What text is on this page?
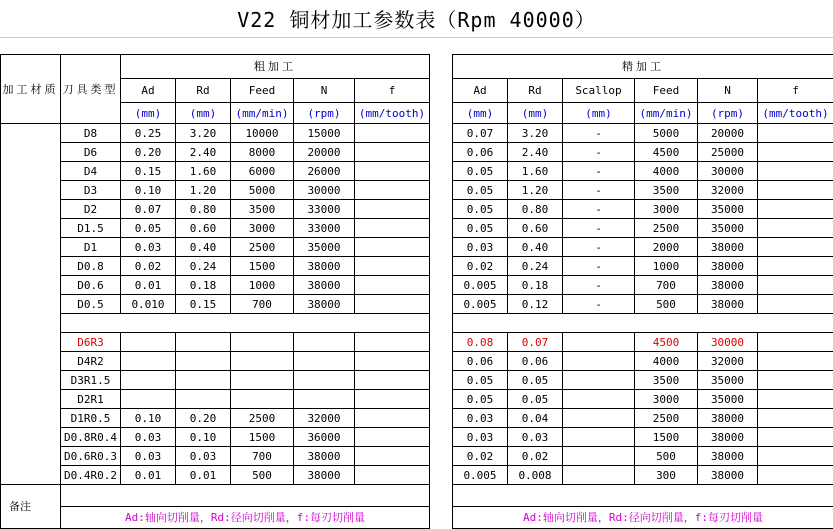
V22 铜材加工参数表（Rpm 40000）
加工材质	刀具类型	粗加工				
		Ad	Rd	Feed	N	f
		(mm)	(mm)	(mm/min)	(rpm)	(mm/tooth)
	D8	0.25	3.20	10000	15000	
	D6	0.20	2.40	8000	20000	
	D4	0.15	1.60	6000	26000	
	D3	0.10	1.20	5000	30000	
	D2	0.07	0.80	3500	33000	
	D1.5	0.05	0.60	3000	33000	
	D1	0.03	0.40	2500	35000	
	D0.8	0.02	0.24	1500	38000	
	D0.6	0.01	0.18	1000	38000	
	D0.5	0.010	0.15	700	38000	

	D6R3					
	D4R2					
	D3R1.5					
	D2R1					
	D1R0.5	0.10	0.20	2500	32000	
	D0.8R0.4	0.03	0.10	1500	36000	
	D0.6R0.3	0.03	0.03	700	38000	
	D0.4R0.2	0.01	0.01	500	38000	
备注						
	Ad:轴向切削量，Rd:径向切削量，f:每刃切削量					
精加工					
Ad	Rd	Scallop	Feed	N	f
(mm)	(mm)	(mm)	(mm/min)	(rpm)	(mm/tooth)
0.07	3.20	-	5000	20000	
0.06	2.40	-	4500	25000	
0.05	1.60	-	4000	30000	
0.05	1.20	-	3500	32000	
0.05	0.80	-	3000	35000	
0.05	0.60	-	2500	35000	
0.03	0.40	-	2000	38000	
0.02	0.24	-	1000	38000	
0.005	0.18	-	700	38000	
0.005	0.12	-	500	38000	

0.08	0.07		4500	30000	
0.06	0.06		4000	32000	
0.05	0.05		3500	35000	
0.05	0.05		3000	35000	
0.03	0.04		2500	38000	
0.03	0.03		1500	38000	
0.02	0.02		500	38000	
0.005	0.008		300	38000	

Ad:轴向切削量，Rd:径向切削量，f:每刃切削量					
